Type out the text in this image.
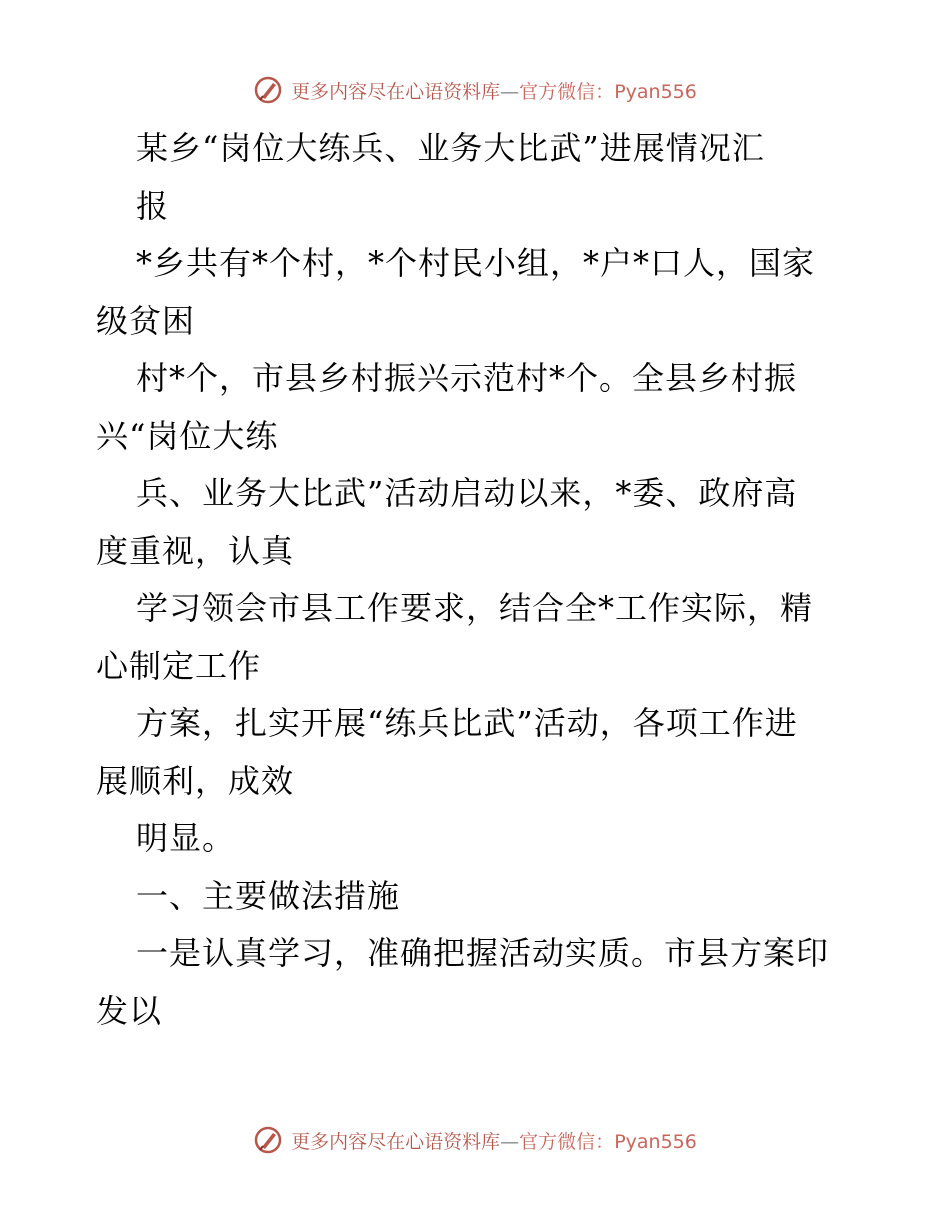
更多内容尽在心语资料库—官方微信：Pyan556
某乡“岗位大练兵、业务大比武”进展情况汇
报
*乡共有*个村，*个村民小组，*户*口人，国家
级贫困
村*个，市县乡村振兴示范村*个。全县乡村振
兴“岗位大练
兵、业务大比武”活动启动以来，*委、政府高
度重视，认真
学习领会市县工作要求，结合全*工作实际，精
心制定工作
方案，扎实开展“练兵比武”活动，各项工作进
展顺利，成效
明显。
一、主要做法措施
一是认真学习，准确把握活动实质。市县方案印
发以
更多内容尽在心语资料库—官方微信：Pyan556
